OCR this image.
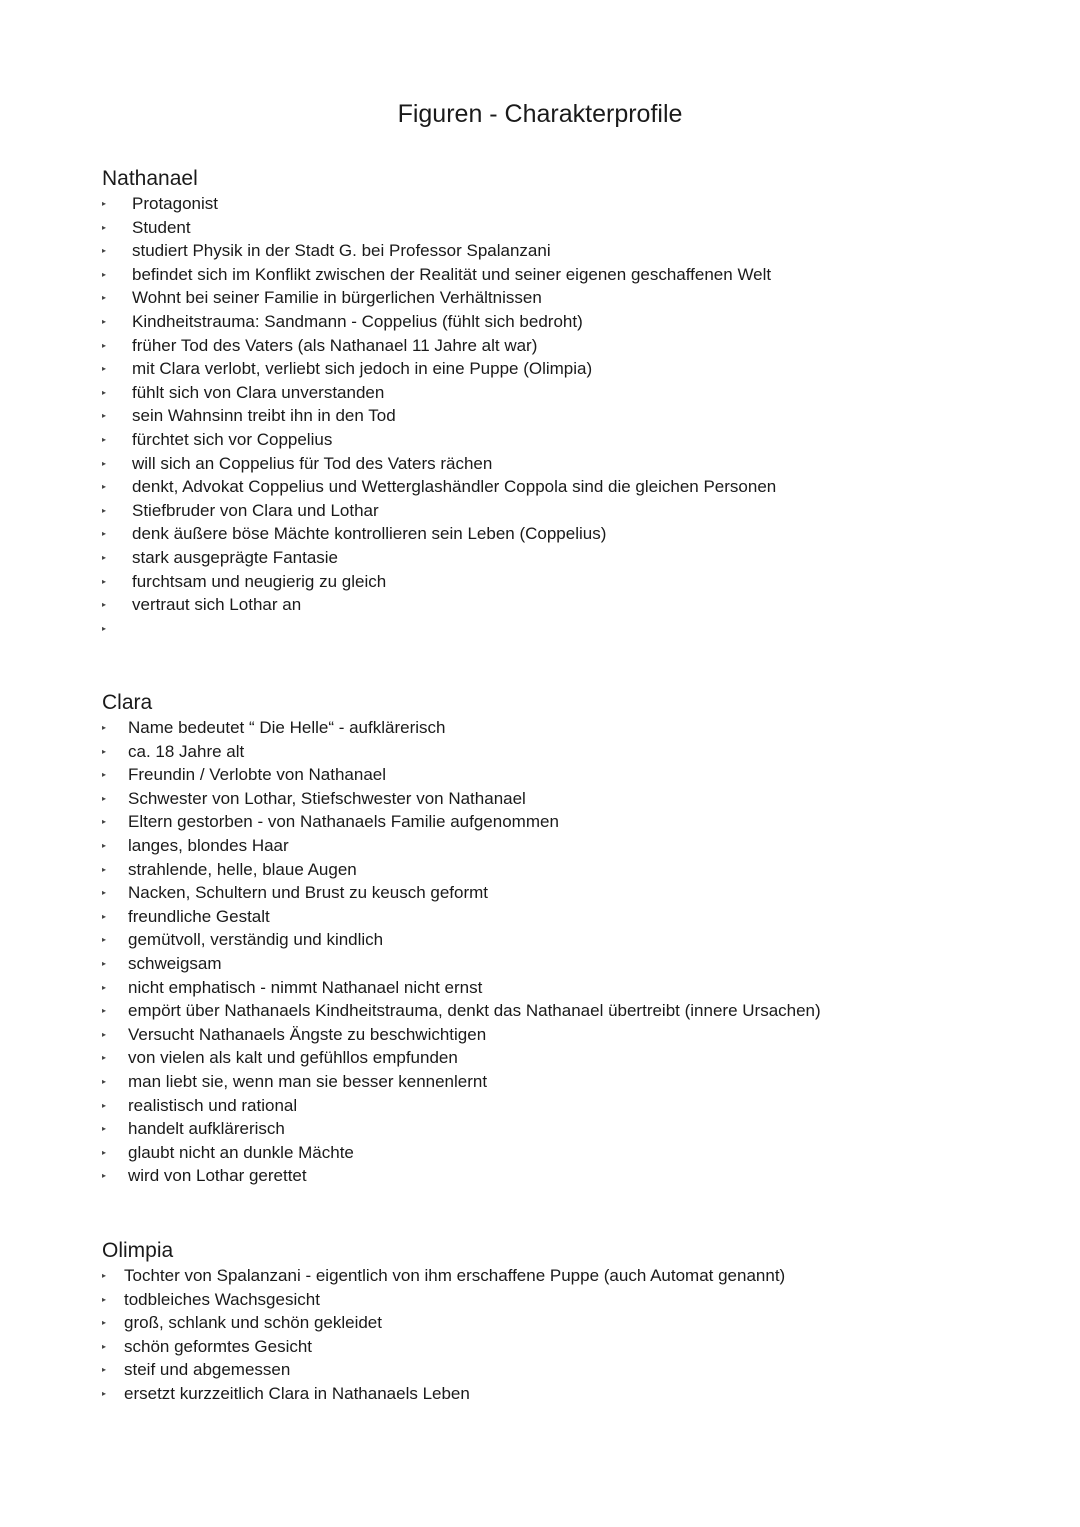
Figuren - Charakterprofile
Nathanael
▸ Protagonist
▸ Student
▸ studiert Physik in der Stadt G. bei Professor Spalanzani
▸ befindet sich im Konflikt zwischen der Realität und seiner eigenen geschaffenen Welt
▸ Wohnt bei seiner Familie in bürgerlichen Verhältnissen
▸ Kindheitstrauma: Sandmann - Coppelius (fühlt sich bedroht)
▸ früher Tod des Vaters (als Nathanael 11 Jahre alt war)
▸ mit Clara verlobt, verliebt sich jedoch in eine Puppe (Olimpia)
▸ fühlt sich von Clara unverstanden
▸ sein Wahnsinn treibt ihn in den Tod
▸ fürchtet sich vor Coppelius
▸ will sich an Coppelius für Tod des Vaters rächen
▸ denkt, Advokat Coppelius und Wetterglashändler Coppola sind die gleichen Personen
▸ Stiefbruder von Clara und Lothar
▸ denk äußere böse Mächte kontrollieren sein Leben (Coppelius)
▸ stark ausgeprägte Fantasie
▸ furchtsam und neugierig zu gleich
▸ vertraut sich Lothar an
▸
Clara
▸ Name bedeutet “ Die Helle“ - aufklärerisch
▸ ca. 18 Jahre alt
▸ Freundin / Verlobte von Nathanael
▸ Schwester von Lothar, Stiefschwester von Nathanael
▸ Eltern gestorben - von Nathanaels Familie aufgenommen
▸ langes, blondes Haar
▸ strahlende, helle, blaue Augen
▸ Nacken, Schultern und Brust zu keusch geformt
▸ freundliche Gestalt
▸ gemütvoll, verständig und kindlich
▸ schweigsam
▸ nicht emphatisch - nimmt Nathanael nicht ernst
▸ empört über Nathanaels Kindheitstrauma, denkt das Nathanael übertreibt (innere Ursachen)
▸ Versucht Nathanaels Ängste zu beschwichtigen
▸ von vielen als kalt und gefühllos empfunden
▸ man liebt sie, wenn man sie besser kennenlernt
▸ realistisch und rational
▸ handelt aufklärerisch
▸ glaubt nicht an dunkle Mächte
▸ wird von Lothar gerettet
Olimpia
▸ Tochter von Spalanzani - eigentlich von ihm erschaffene Puppe (auch Automat genannt)
▸ todbleiches Wachsgesicht
▸ groß, schlank und schön gekleidet
▸ schön geformtes Gesicht
▸ steif und abgemessen
▸ ersetzt kurzzeitlich Clara in Nathanaels Leben
